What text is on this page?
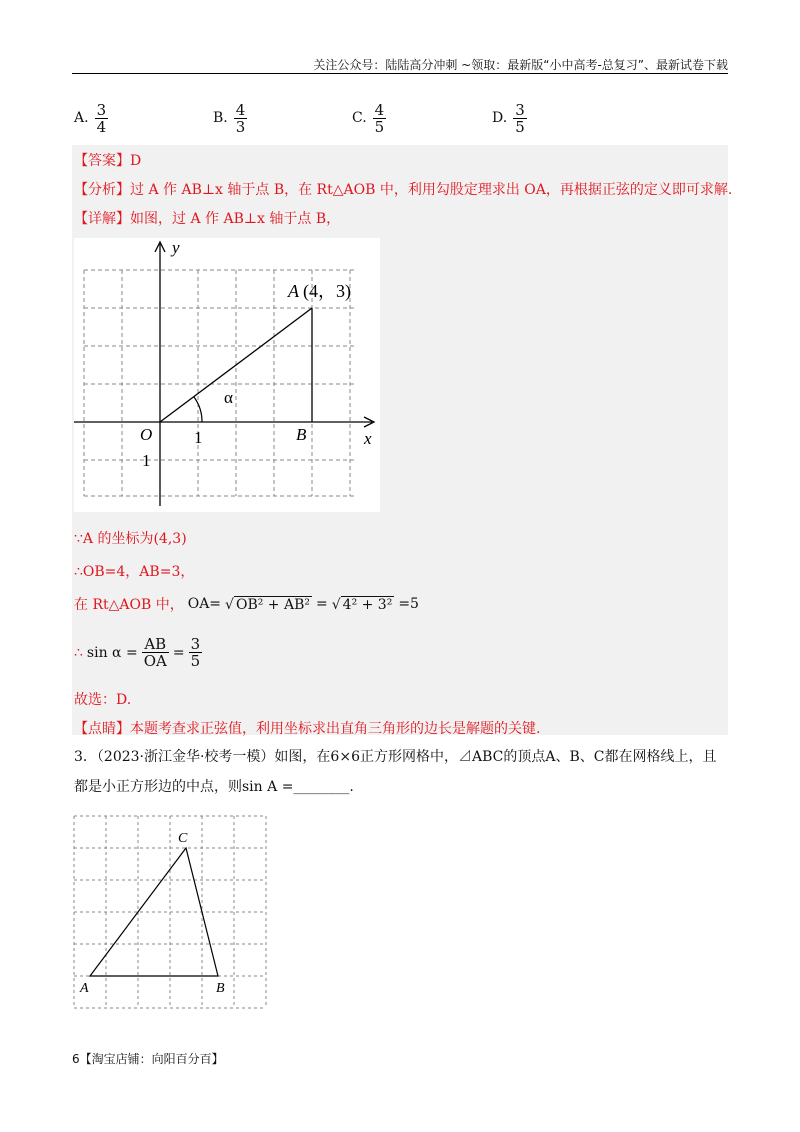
关注公众号：陆陆高分冲刺 ~领取：最新版“小中高考-总复习”、最新试卷下载
A. $\frac{3}{4}$	B. $\frac{4}{3}$	C. $\frac{4}{5}$	D. $\frac{3}{5}$
【答案】D
【分析】过 A 作 AB⊥x 轴于点 B，在 Rt△AOB 中，利用勾股定理求出 OA，再根据正弦的定义即可求解.
【详解】如图，过 A 作 AB⊥x 轴于点 B，
y
x
O
A (4，3)
B
α
1
1
∵A 的坐标为(4,3)
∴OB=4，AB=3，
在 Rt△AOB 中， OA= √ OB² + AB² = √ 4² + 3² =5
∴ $\sin \alpha = \frac{AB}{OA} = \frac{3}{5}$
故选：D.
【点睛】本题考查求正弦值，利用坐标求出直角三角形的边长是解题的关键.
3．（2023·浙江金华·校考一模）如图，在6×6正方形网格中，⊿ABC的顶点A、B、C都在网格线上，且
都是小正方形边的中点，则sin A =________.
A	B
C
6【淘宝店铺：向阳百分百】
